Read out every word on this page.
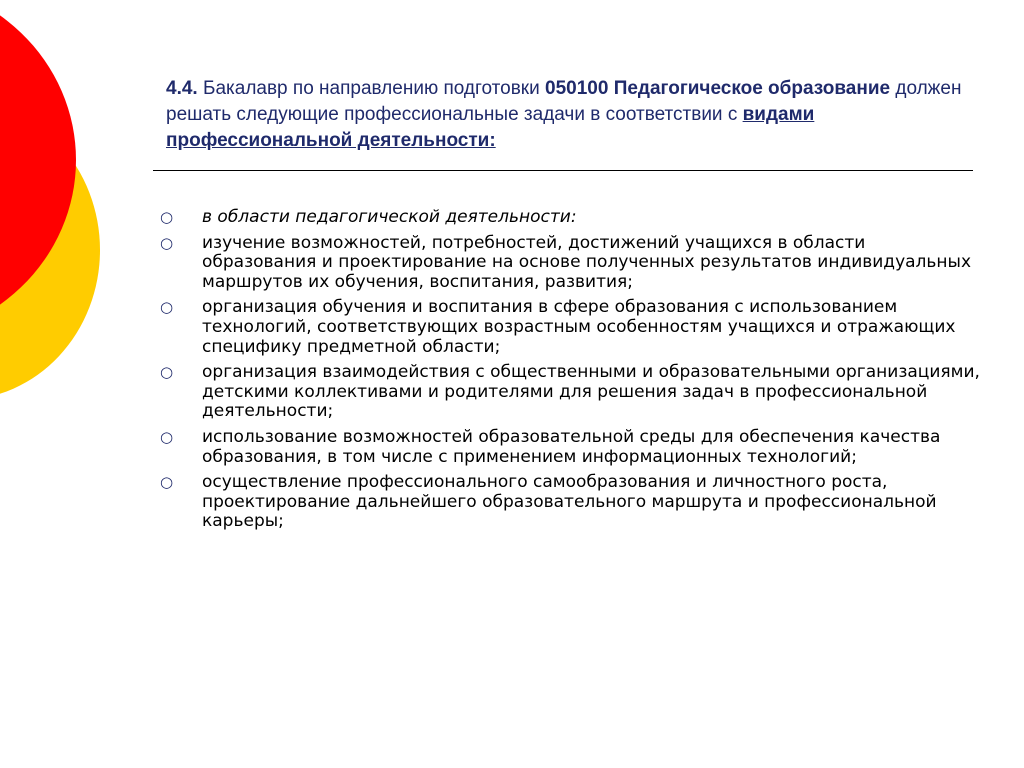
4.4. Бакалавр по направлению подготовки 050100 Педагогическое образование должен решать следующие профессиональные задачи в соответствии с видами профессиональной деятельности:
○ в области педагогической деятельности:
○ изучение возможностей, потребностей, достижений учащихся в области образования и проектирование на основе полученных результатов индивидуальных маршрутов их обучения, воспитания, развития;
○ организация обучения и воспитания в сфере образования с использованием технологий, соответствующих возрастным особенностям учащихся и отражающих специфику предметной области;
○ организация взаимодействия с общественными и образовательными организациями, детскими коллективами и родителями для решения задач в профессиональной деятельности;
○ использование возможностей образовательной среды для обеспечения качества образования, в том числе с применением информационных технологий;
○ осуществление профессионального самообразования и личностного роста, проектирование дальнейшего образовательного маршрута и профессиональной карьеры;
